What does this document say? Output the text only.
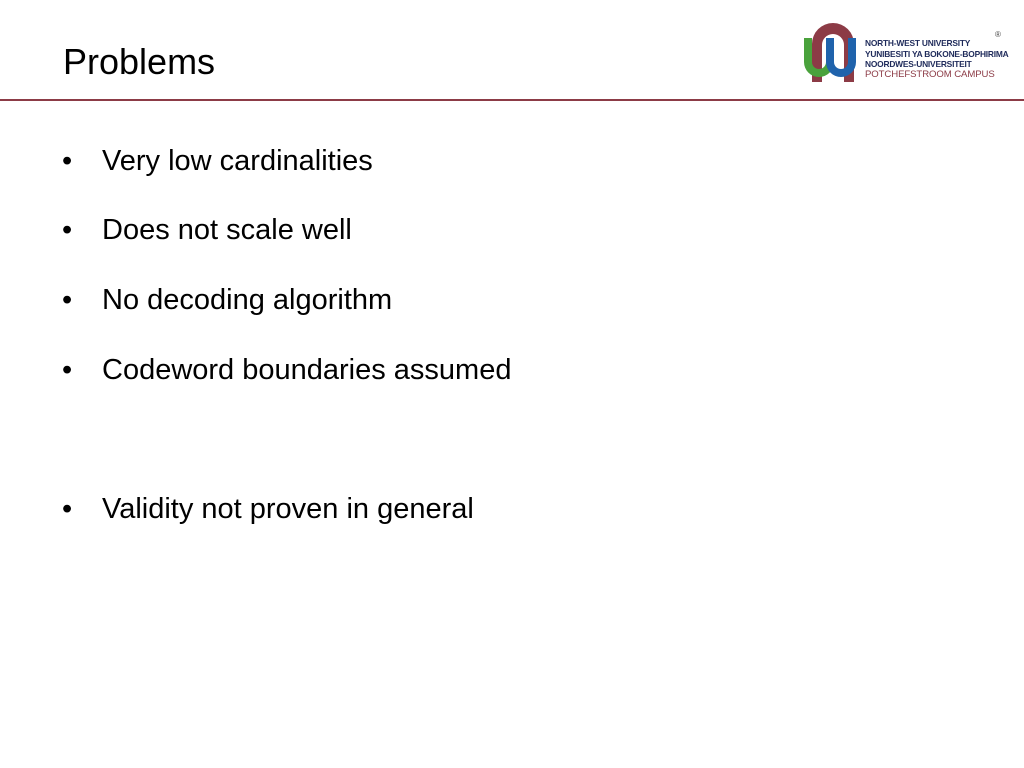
Problems	NORTH-WEST UNIVERSITY
YUNIBESITI YA BOKONE-BOPHIRIMA
NOORDWES-UNIVERSITEIT
POTCHEFSTROOM CAMPUS
®
• Very low cardinalities
• Does not scale well
• No decoding algorithm
• Codeword boundaries assumed
• Validity not proven in general
